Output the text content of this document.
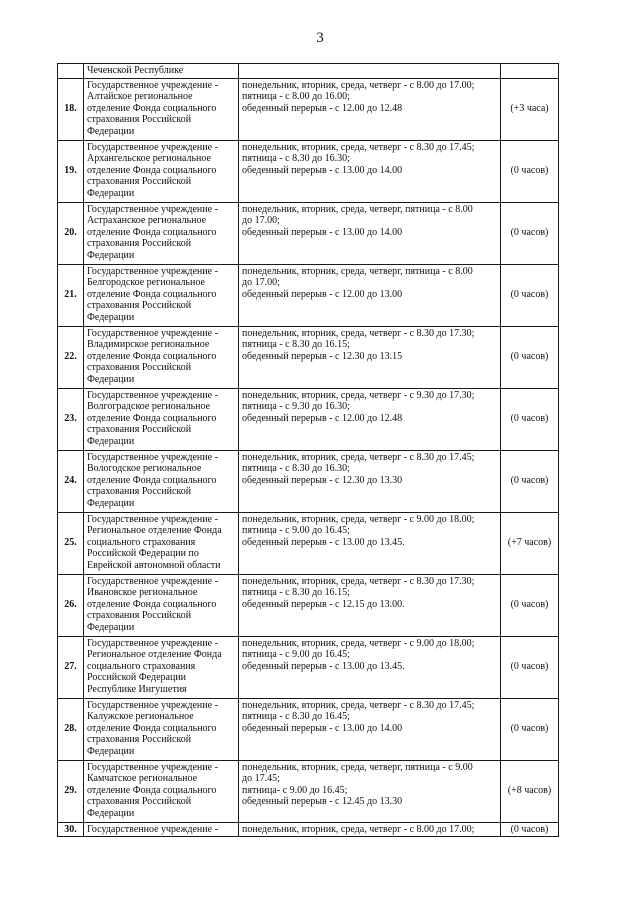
3
	Чеченской Республике		
18.	Государственное учреждение -
Алтайское региональное
отделение Фонда социального
страхования Российской
Федерации	понедельник, вторник, среда, четверг - с 8.00 до 17.00;
пятница - с 8.00 до 16.00;
обеденный перерыв - с 12.00 до 12.48	(+3 часа)
19.	Государственное учреждение -
Архангельское региональное
отделение Фонда социального
страхования Российской
Федерации	понедельник, вторник, среда, четверг - с 8.30 до 17.45;
пятница - с 8.30 до 16.30;
обеденный перерыв - с 13.00 до 14.00	(0 часов)
20.	Государственное учреждение -
Астраханское региональное
отделение Фонда социального
страхования Российской
Федерации	понедельник, вторник, среда, четверг, пятница - с 8.00
до 17.00;
обеденный перерыв - с 13.00 до 14.00	(0 часов)
21.	Государственное учреждение -
Белгородское региональное
отделение Фонда социального
страхования Российской
Федерации	понедельник, вторник, среда, четверг, пятница - с 8.00
до 17.00;
обеденный перерыв - с 12.00 до 13.00	(0 часов)
22.	Государственное учреждение -
Владимирское региональное
отделение Фонда социального
страхования Российской
Федерации	понедельник, вторник, среда, четверг - с 8.30 до 17.30;
пятница - с 8.30 до 16.15;
обеденный перерыв - с 12.30 до 13.15	(0 часов)
23.	Государственное учреждение -
Волгоградское региональное
отделение Фонда социального
страхования Российской
Федерации	понедельник, вторник, среда, четверг - с 9.30 до 17.30;
пятница - с 9.30 до 16.30;
обеденный перерыв - с 12.00 до 12.48	(0 часов)
24.	Государственное учреждение -
Вологодское региональное
отделение Фонда социального
страхования Российской
Федерации	понедельник, вторник, среда, четверг - с 8.30 до 17.45;
пятница - с 8.30 до 16.30;
обеденный перерыв - с 12.30 до 13.30	(0 часов)
25.	Государственное учреждение -
Региональное отделение Фонда
социального страхования
Российской Федерации по
Еврейской автономной области	понедельник, вторник, среда, четверг - с 9.00 до 18.00;
пятница - с 9.00 до 16.45;
обеденный перерыв - с 13.00 до 13.45.	(+7 часов)
26.	Государственное учреждение -
Ивановское региональное
отделение Фонда социального
страхования Российской
Федерации	понедельник, вторник, среда, четверг - с 8.30 до 17.30;
пятница - с 8.30 до 16.15;
обеденный перерыв - с 12.15 до 13.00.	(0 часов)
27.	Государственное учреждение -
Региональное отделение Фонда
социального страхования
Российской Федерации
Республике Ингушетия	понедельник, вторник, среда, четверг - с 9.00 до 18.00;
пятница - с 9.00 до 16.45;
обеденный перерыв - с 13.00 до 13.45.	(0 часов)
28.	Государственное учреждение -
Калужское региональное
отделение Фонда социального
страхования Российской
Федерации	понедельник, вторник, среда, четверг - с 8.30 до 17.45;
пятница - с 8.30 до 16.45;
обеденный перерыв - с 13.00 до 14.00	(0 часов)
29.	Государственное учреждение -
Камчатское региональное
отделение Фонда социального
страхования Российской
Федерации	понедельник, вторник, среда, четверг, пятница - с 9.00
до 17.45;
пятница- с 9.00 до 16.45;
обеденный перерыв - с 12.45 до 13.30	(+8 часов)
30.	Государственное учреждение -	понедельник, вторник, среда, четверг - с 8.00 до 17.00;	(0 часов)
